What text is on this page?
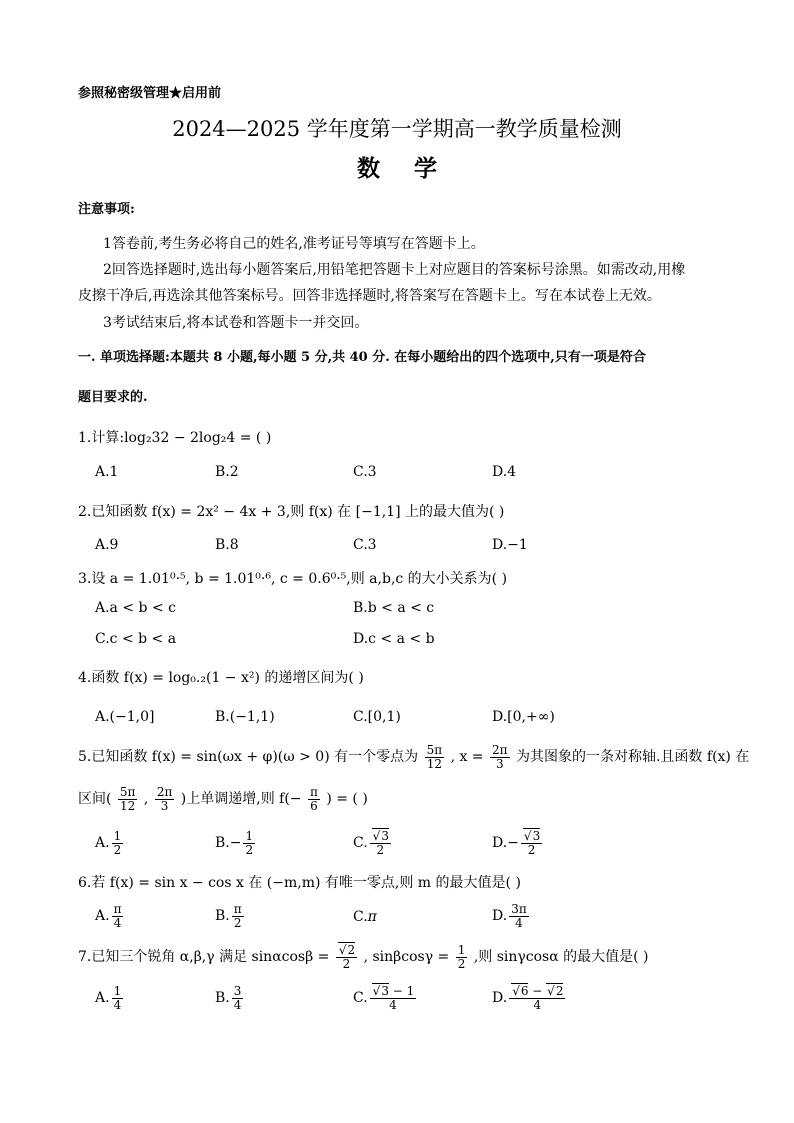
参照秘密级管理★启用前
2024—2025 学年度第一学期高一教学质量检测
数学
注意事项:
1答卷前,考生务必将自己的姓名,准考证号等填写在答题卡上。
2回答选择题时,选出每小题答案后,用铅笔把答题卡上对应题目的答案标号涂黑。如需改动,用橡
皮擦干净后,再选涂其他答案标号。回答非选择题时,将答案写在答题卡上。写在本试卷上无效。
3考试结束后,将本试卷和答题卡一并交回。
一. 单项选择题:本题共 8 小题,每小题 5 分,共 40 分. 在每小题给出的四个选项中,只有一项是符合
题目要求的.
1.计算:log₂32 − 2log₂4 = ( )
A.1	B.2	C.3	D.4
2.已知函数 f(x) = 2x² − 4x + 3,则 f(x) 在 [−1,1] 上的最大值为( )
A.9	B.8	C.3	D.−1
3.设 a = 1.01⁰·⁵, b = 1.01⁰·⁶, c = 0.6⁰·⁵,则 a,b,c 的大小关系为( )
A.a < b < c	B.b < a < c
C.c < b < a	D.c < a < b
4.函数 f(x) = log₀.₂(1 − x²) 的递增区间为( )
A.(−1,0]	B.(−1,1)	C.[0,1)	D.[0,+∞)
5.已知函数 f(x) = sin(ωx + φ)(ω > 0) 有一个零点为 $\frac{5\pi}{12}$ , $x = \frac{2\pi}{3}$ 为其图象的一条对称轴.且函数 f(x) 在
区间( $\frac{5\pi}{12}$ , $\frac{2\pi}{3}$ )上单调递增,则 $f(- \frac{\pi}{6}$ ) = ( )
A. $\frac{1}{2}$	$B.- \frac{1}{2}$	C. √ $\frac{3}{2}$	D.− √ $\frac{3}{2}$
6.若 f(x) = sin x − cos x 在 (−m,m) 有唯一零点,则 m 的最大值是( )
A. $\frac{\pi}{4}$	B. $\frac{\pi}{2}$	C.π	D. $\frac{3\pi}{4}$
7.已知三个锐角 α,β,γ 满足 sinαcosβ = √ $\frac{2}{2}$ , $\sin\beta\cos\gamma = \frac{1}{2}$ ,则 sinγcosα 的最大值是( )
A. $\frac{1}{4}$	B. $\frac{3}{4}$	C. √ $\frac{3 - 1}{4}$	D. √ $\frac{6 - √ 2}{4}$
